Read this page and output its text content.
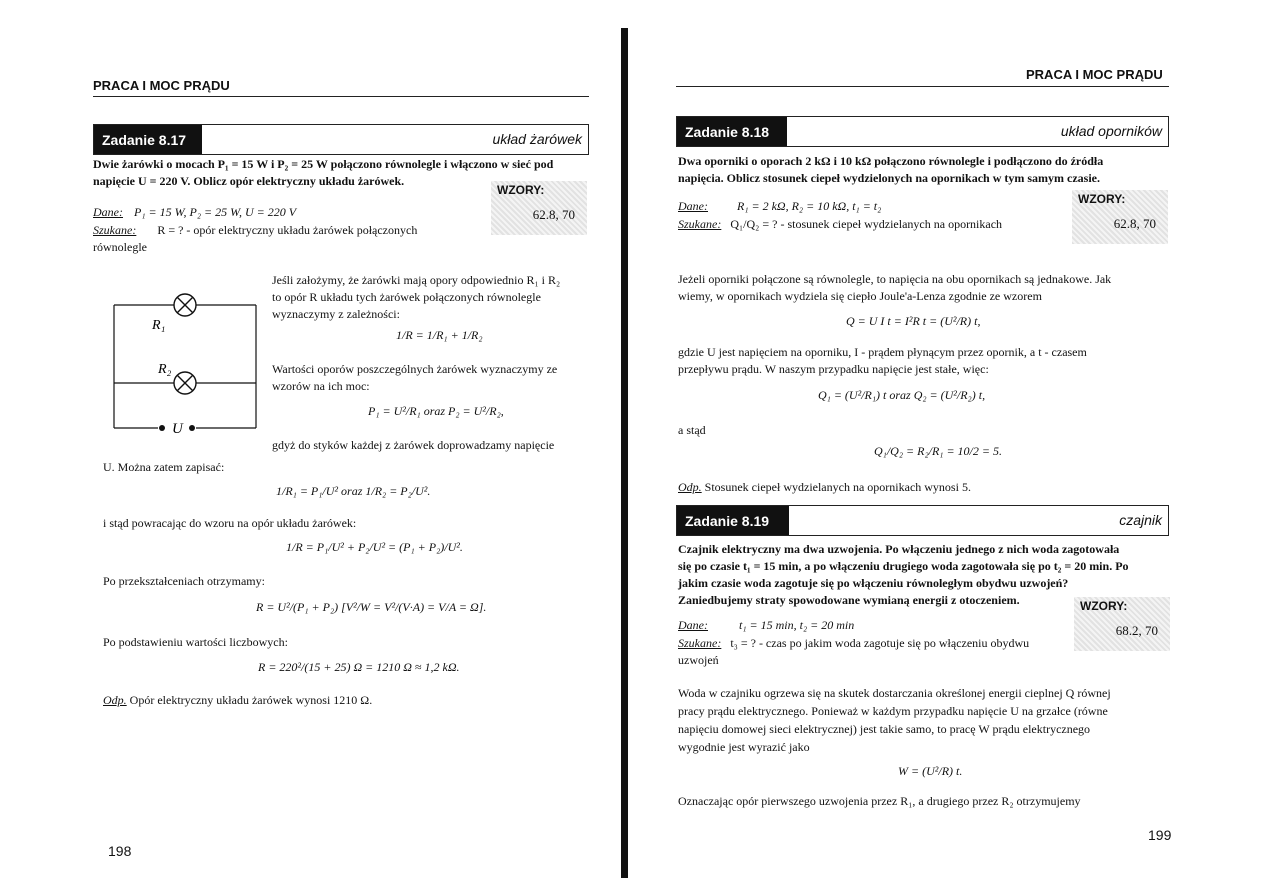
PRACA I MOC PRĄDU
Zadanie 8.17	układ żarówek
Dwie żarówki o mocach P₁ = 15 W i P₂ = 25 W połączono równolegle i włączono w sieć pod
napięcie U = 220 V. Oblicz opór elektryczny układu żarówek.
WZORY:
62.8, 70
Dane: P₁ = 15 W, P₂ = 25 W, U = 220 V
Szukane: R = ? - opór elektryczny układu żarówek połączonych
równolegle
R₁
R₂
U
Jeśli założymy, że żarówki mają opory odpowiednio R₁ i R₂
to opór R układu tych żarówek połączonych równolegle
wyznaczymy z zależności:
1/R = 1/R₁ + 1/R₂
Wartości oporów poszczególnych żarówek wyznaczymy ze
wzorów na ich moc:
P₁ = U²/R₁ oraz P₂ = U²/R₂,
gdyż do styków każdej z żarówek doprowadzamy napięcie
U. Można zatem zapisać:
1/R₁ = P₁/U² oraz 1/R₂ = P₂/U².
i stąd powracając do wzoru na opór układu żarówek:
1/R = P₁/U² + P₂/U² = (P₁ + P₂)/U².
Po przekształceniach otrzymamy:
R = U²/(P₁ + P₂) [V²/W = V²/(V·A) = V/A = Ω].
Po podstawieniu wartości liczbowych:
R = 220²/(15 + 25) Ω = 1210 Ω ≈ 1,2 kΩ.
Odp. Opór elektryczny układu żarówek wynosi 1210 Ω.
198
PRACA I MOC PRĄDU
Zadanie 8.18	układ oporników
Dwa oporniki o oporach 2 kΩ i 10 kΩ połączono równolegle i podłączono do źródła
napięcia. Oblicz stosunek ciepeł wydzielonych na opornikach w tym samym czasie.
WZORY:
62.8, 70
Dane: R₁ = 2 kΩ, R₂ = 10 kΩ, t₁ = t₂
Szukane: Q₁/Q₂ = ? - stosunek ciepeł wydzielanych na opornikach
Jeżeli oporniki połączone są równolegle, to napięcia na obu opornikach są jednakowe. Jak
wiemy, w opornikach wydziela się ciepło Joule'a-Lenza zgodnie ze wzorem
Q = U I t = I²R t = (U²/R) t,
gdzie U jest napięciem na oporniku, I - prądem płynącym przez opornik, a t - czasem
przepływu prądu. W naszym przypadku napięcie jest stałe, więc:
Q₁ = (U²/R₁) t oraz Q₂ = (U²/R₂) t,
a stąd
Q₁/Q₂ = R₂/R₁ = 10/2 = 5.
Odp. Stosunek ciepeł wydzielanych na opornikach wynosi 5.
Zadanie 8.19	czajnik
Czajnik elektryczny ma dwa uzwojenia. Po włączeniu jednego z nich woda zagotowała
się po czasie t₁ = 15 min, a po włączeniu drugiego woda zagotowała się po t₂ = 20 min. Po
jakim czasie woda zagotuje się po włączeniu równoległym obydwu uzwojeń?
Zaniedbujemy straty spowodowane wymianą energii z otoczeniem.	WZORY:
68.2, 70
Dane:	t₁ = 15 min, t₂ = 20 min
Szukane: t₃ = ? - czas po jakim woda zagotuje się po włączeniu obydwu
uzwojeń
Woda w czajniku ogrzewa się na skutek dostarczania określonej energii cieplnej Q równej
pracy prądu elektrycznego. Ponieważ w każdym przypadku napięcie U na grzałce (równe
napięciu domowej sieci elektrycznej) jest takie samo, to pracę W prądu elektrycznego
wygodnie jest wyrazić jako
W = (U²/R) t.
Oznaczając opór pierwszego uzwojenia przez R₁, a drugiego przez R₂ otrzymujemy
199
